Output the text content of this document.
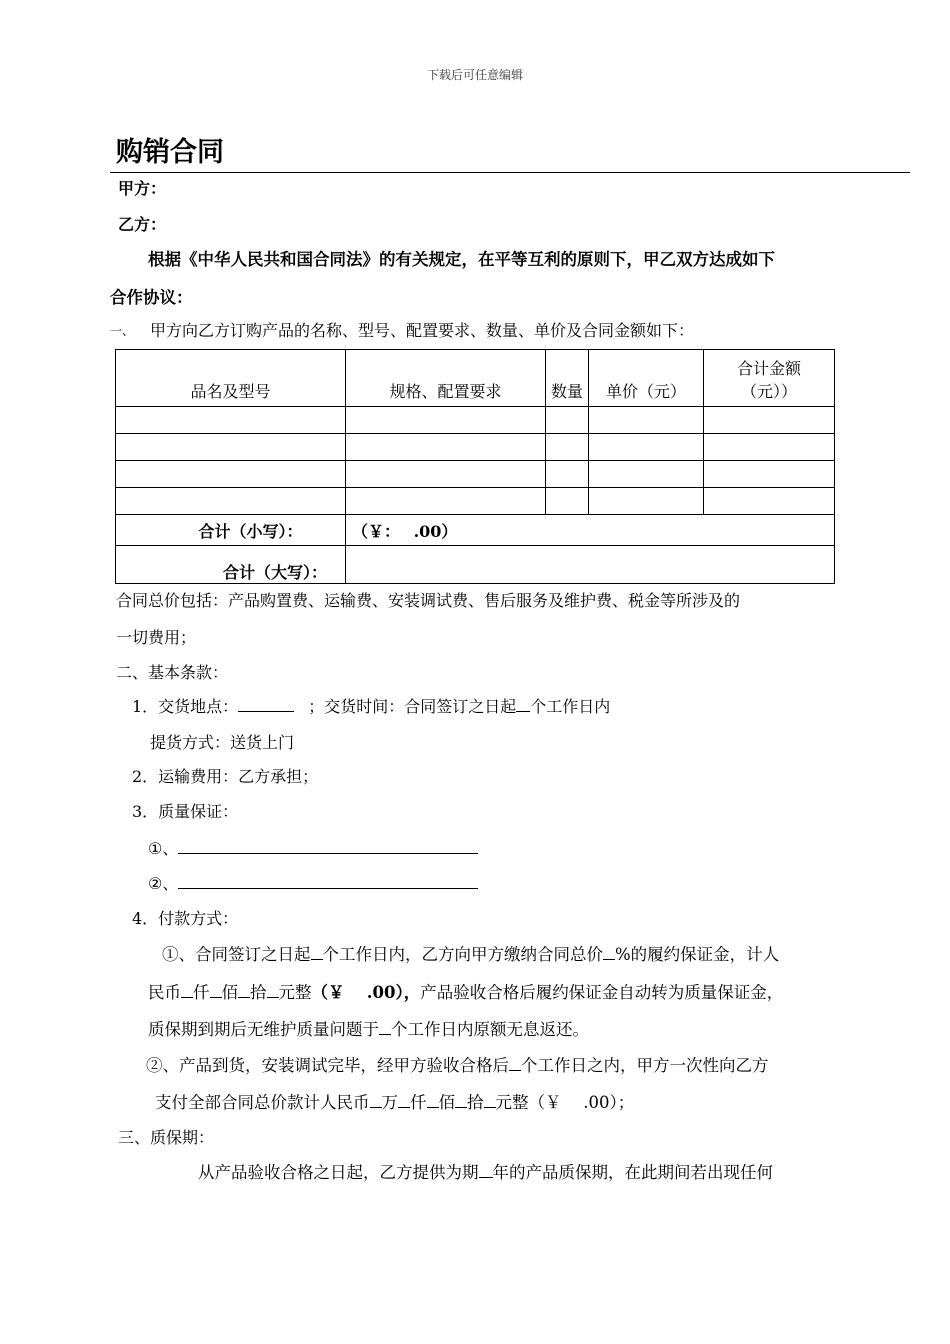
下载后可任意编辑
购销合同
甲方：
乙方：
根据《中华人民共和国合同法》的有关规定，在平等互利的原则下，甲乙双方达成如下
合作协议：
一、 甲方向乙方订购产品的名称、型号、配置要求、数量、单价及合同金额如下：
品名及型号	规格、配置要求	数量	单价（元）	合计金额
（元））

合计（小写）：	（￥：　 .00）			
合计（大写）：				
合同总价包括：产品购置费、运输费、安装调试费、售后服务及维护费、税金等所涉及的
一切费用；
二、基本条款：
1．交货地点：	；交货时间：合同签订之日起 个工作日内
提货方式：送货上门
2．运输费用：乙方承担；
3．质量保证：
①、
②、
4．付款方式：
①、合同签订之日起 个工作日内，乙方向甲方缴纳合同总价 %的履约保证金，计人
民币 仟 佰 拾 元整（￥　 .00），产品验收合格后履约保证金自动转为质量保证金，
质保期到期后无维护质量问题于 个工作日内原额无息返还。
②、产品到货，安装调试完毕，经甲方验收合格后 个工作日之内，甲方一次性向乙方
支付全部合同总价款计人民币 万 仟 佰 拾 元整（￥　 .00）；
三、质保期：
从产品验收合格之日起，乙方提供为期 年的产品质保期，在此期间若出现任何
